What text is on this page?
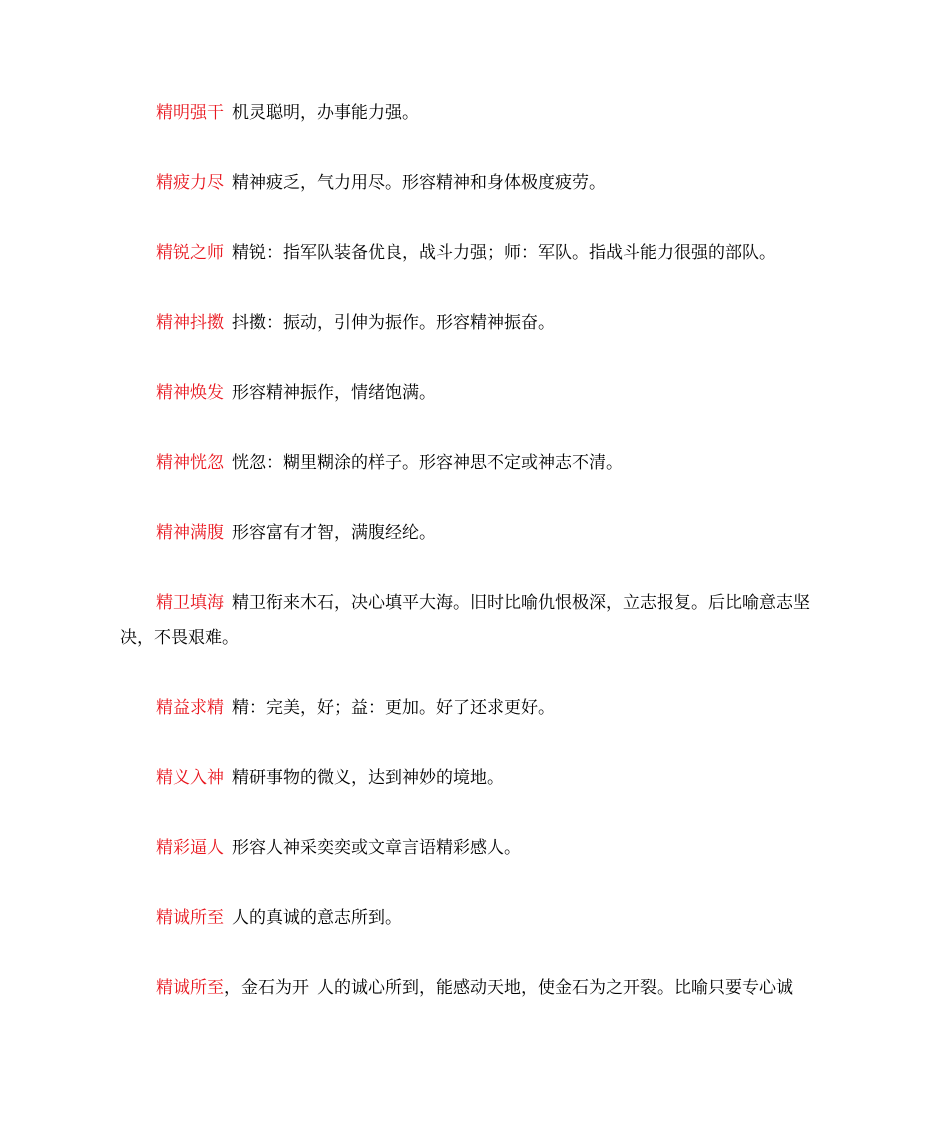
精明强干 机灵聪明，办事能力强。

精疲力尽 精神疲乏，气力用尽。形容精神和身体极度疲劳。

精锐之师 精锐：指军队装备优良，战斗力强；师：军队。指战斗能力很强的部队。

精神抖擞 抖擞：振动，引伸为振作。形容精神振奋。

精神焕发 形容精神振作，情绪饱满。

精神恍忽 恍忽：糊里糊涂的样子。形容神思不定或神志不清。

精神满腹 形容富有才智，满腹经纶。

精卫填海 精卫衔来木石，决心填平大海。旧时比喻仇恨极深，立志报复。后比喻意志坚决，不畏艰难。

精益求精 精：完美，好；益：更加。好了还求更好。

精义入神 精研事物的微义，达到神妙的境地。

精彩逼人 形容人神采奕奕或文章言语精彩感人。

精诚所至 人的真诚的意志所到。

精诚所至，金石为开 人的诚心所到，能感动天地，使金石为之开裂。比喻只要专心诚
